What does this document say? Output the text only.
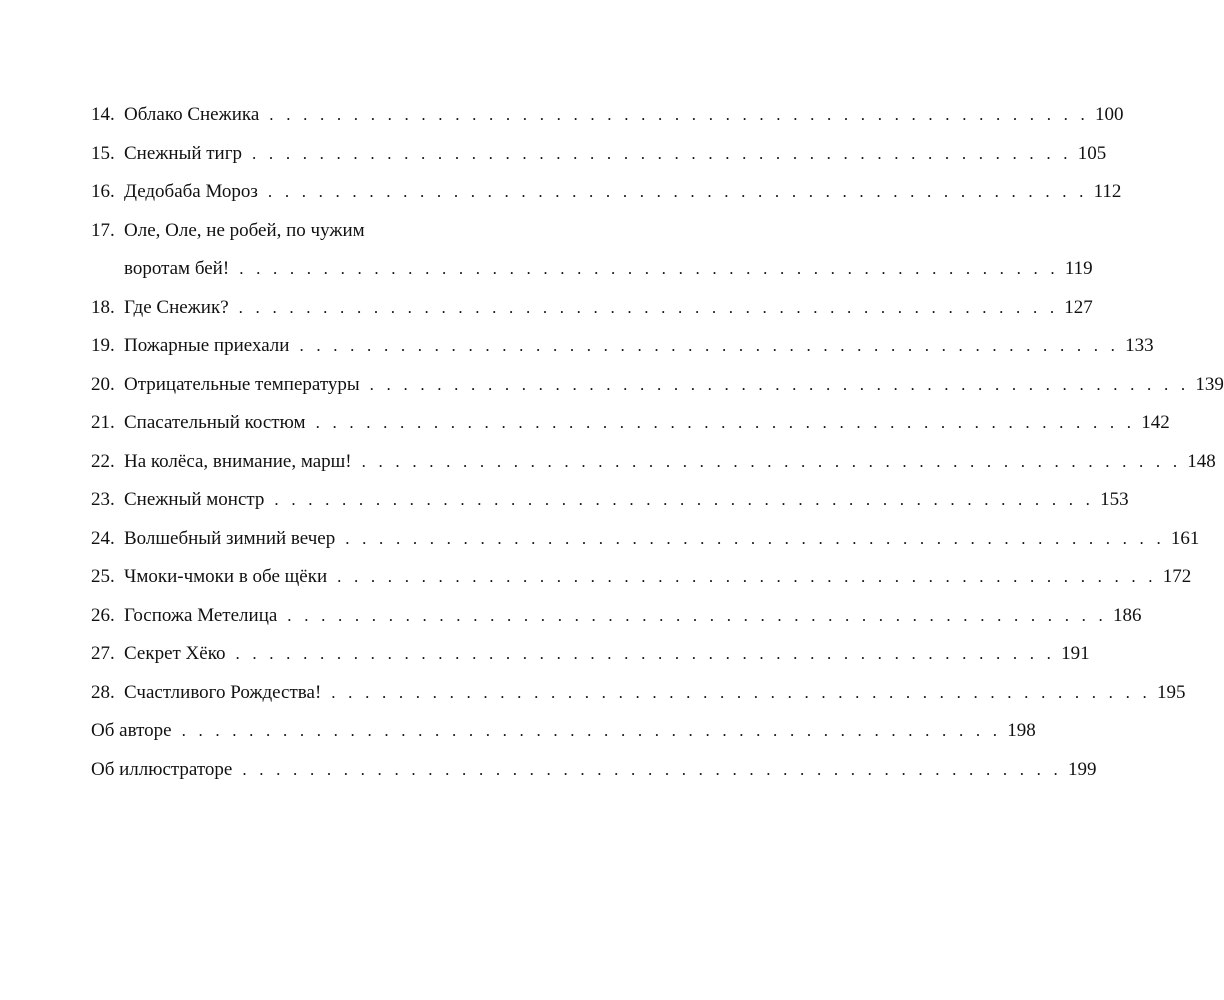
14. Облако Снежика . . . . . . . . . . . . . . . . . . . . . . . . . . . . . . . . . . . . . . . . . . . . . . . . . 100
15. Снежный тигр . . . . . . . . . . . . . . . . . . . . . . . . . . . . . . . . . . . . . . . . . . . . . . . . . 105
16. Дедобаба Мороз . . . . . . . . . . . . . . . . . . . . . . . . . . . . . . . . . . . . . . . . . . . . . . . . . 112
17. Оле, Оле, не робей, по чужим
воротам бей! . . . . . . . . . . . . . . . . . . . . . . . . . . . . . . . . . . . . . . . . . . . . . . . . . 119
18. Где Снежик? . . . . . . . . . . . . . . . . . . . . . . . . . . . . . . . . . . . . . . . . . . . . . . . . . 127
19. Пожарные приехали . . . . . . . . . . . . . . . . . . . . . . . . . . . . . . . . . . . . . . . . . . . . . . . . . 133
20. Отрицательные температуры . . . . . . . . . . . . . . . . . . . . . . . . . . . . . . . . . . . . . . . . . . . . . . . . . 139
21. Спасательный костюм . . . . . . . . . . . . . . . . . . . . . . . . . . . . . . . . . . . . . . . . . . . . . . . . . 142
22. На колёса, внимание, марш! . . . . . . . . . . . . . . . . . . . . . . . . . . . . . . . . . . . . . . . . . . . . . . . . . 148
23. Снежный монстр . . . . . . . . . . . . . . . . . . . . . . . . . . . . . . . . . . . . . . . . . . . . . . . . . 153
24. Волшебный зимний вечер . . . . . . . . . . . . . . . . . . . . . . . . . . . . . . . . . . . . . . . . . . . . . . . . . 161
25. Чмоки-чмоки в обе щёки . . . . . . . . . . . . . . . . . . . . . . . . . . . . . . . . . . . . . . . . . . . . . . . . . 172
26. Госпожа Метелица . . . . . . . . . . . . . . . . . . . . . . . . . . . . . . . . . . . . . . . . . . . . . . . . . 186
27. Секрет Хёко . . . . . . . . . . . . . . . . . . . . . . . . . . . . . . . . . . . . . . . . . . . . . . . . . 191
28. Счастливого Рождества! . . . . . . . . . . . . . . . . . . . . . . . . . . . . . . . . . . . . . . . . . . . . . . . . . 195
Об авторе . . . . . . . . . . . . . . . . . . . . . . . . . . . . . . . . . . . . . . . . . . . . . . . . . 198
Об иллюстраторе . . . . . . . . . . . . . . . . . . . . . . . . . . . . . . . . . . . . . . . . . . . . . . . . . 199
